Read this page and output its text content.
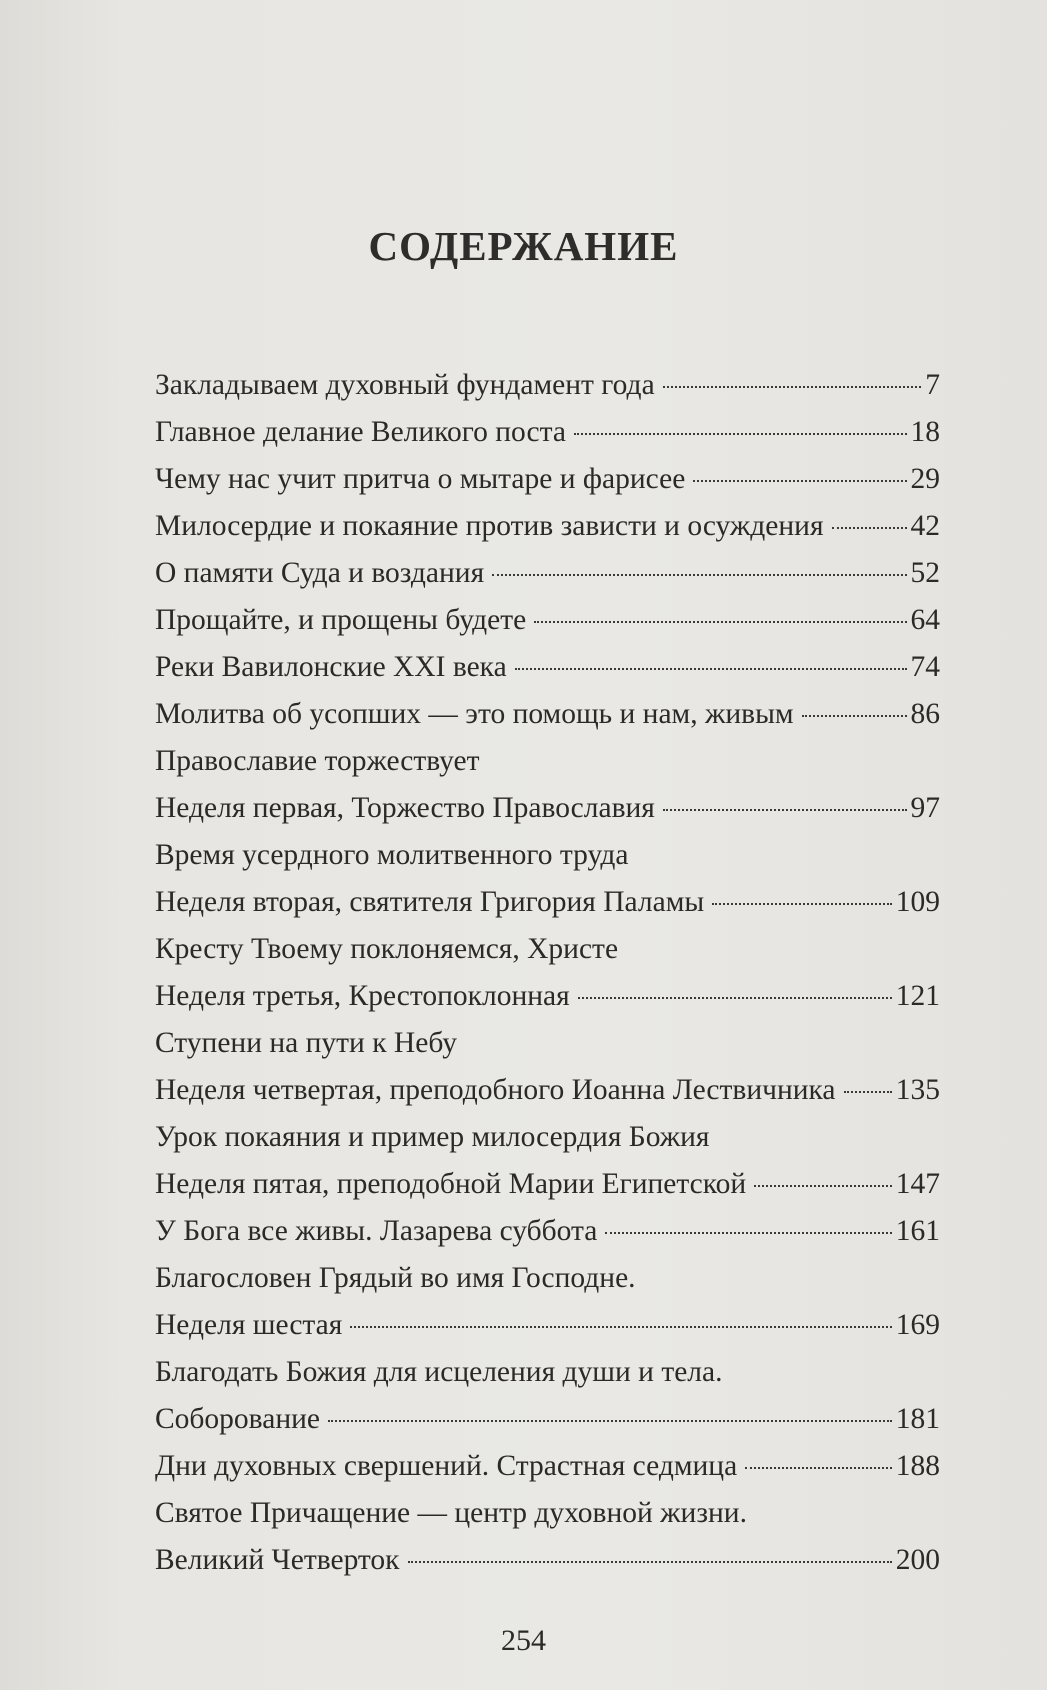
СОДЕРЖАНИЕ
Закладываем духовный фундамент года	7
Главное делание Великого поста	18
Чему нас учит притча о мытаре и фарисее	29
Милосердие и покаяние против зависти и осуждения	42
О памяти Суда и воздания	52
Прощайте, и прощены будете	64
Реки Вавилонские XXI века	74
Молитва об усопших — это помощь и нам, живым	86
Православие торжествует
Неделя первая, Торжество Православия	97
Время усердного молитвенного труда
Неделя вторая, святителя Григория Паламы	109
Кресту Твоему поклоняемся, Христе
Неделя третья, Крестопоклонная	121
Ступени на пути к Небу
Неделя четвертая, преподобного Иоанна Лествичника 135
Урок покаяния и пример милосердия Божия
Неделя пятая, преподобной Марии Египетской	147
У Бога все живы. Лазарева суббота	161
Благословен Грядый во имя Господне.
Неделя шестая	169
Благодать Божия для исцеления души и тела.
Соборование	181
Дни духовных свершений. Страстная седмица	188
Святое Причащение — центр духовной жизни.
Великий Четверток	200
254
